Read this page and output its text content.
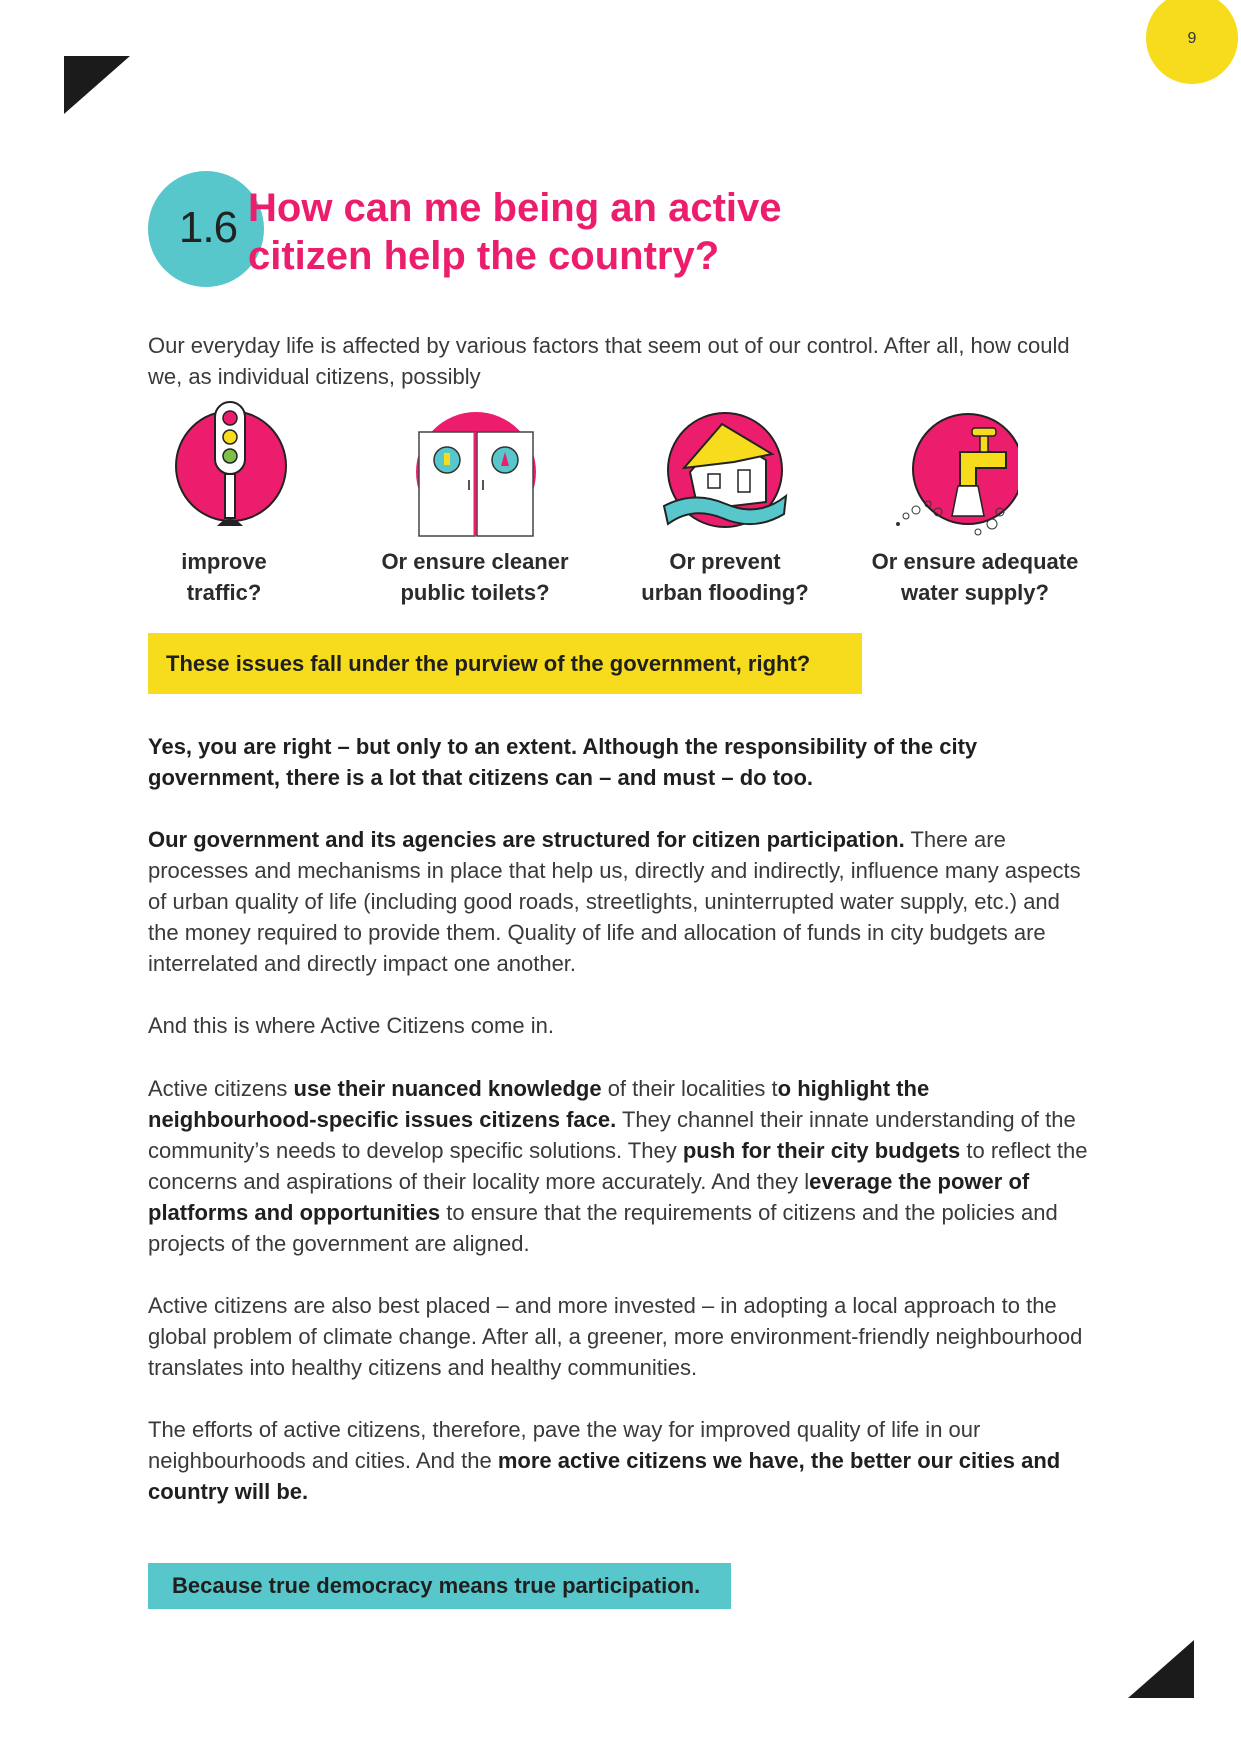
9
1.6 How can me being an active
citizen help the country?

Our everyday life is affected by various factors that seem out of our control. After all, how could we, as individual citizens, possibly

improve
traffic?

Or ensure cleaner
public toilets?

Or prevent
urban flooding?

Or ensure adequate
water supply?

These issues fall under the purview of the government, right?

Yes, you are right – but only to an extent. Although the responsibility of the city government, there is a lot that citizens can – and must – do too.

Our government and its agencies are structured for citizen participation. There are processes and mechanisms in place that help us, directly and indirectly, influence many aspects of urban quality of life (including good roads, streetlights, uninterrupted water supply, etc.) and the money required to provide them. Quality of life and allocation of funds in city budgets are interrelated and directly impact one another.

And this is where Active Citizens come in.

Active citizens use their nuanced knowledge of their localities to highlight the neighbourhood-specific issues citizens face. They channel their innate understanding of the community’s needs to develop specific solutions. They push for their city budgets to reflect the concerns and aspirations of their locality more accurately. And they leverage the power of platforms and opportunities to ensure that the requirements of citizens and the policies and projects of the government are aligned.

Active citizens are also best placed – and more invested – in adopting a local approach to the global problem of climate change. After all, a greener, more environment-friendly neighbourhood translates into healthy citizens and healthy communities.

The efforts of active citizens, therefore, pave the way for improved quality of life in our neighbourhoods and cities. And the more active citizens we have, the better our cities and country will be.

Because true democracy means true participation.
